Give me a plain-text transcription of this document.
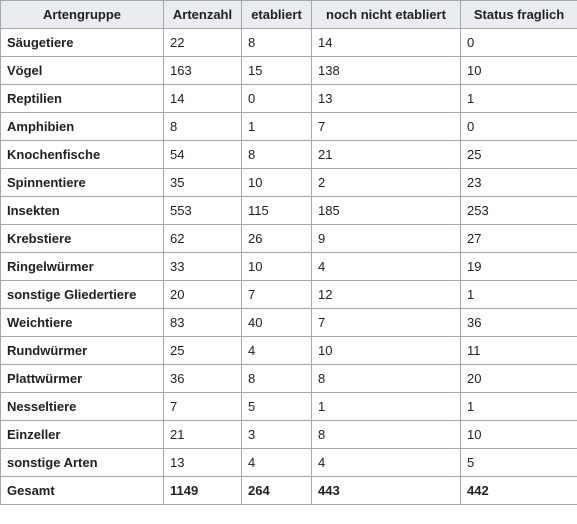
Artengruppe	Artenzahl	etabliert	noch nicht etabliert	Status fraglich
Säugetiere	22	8	14	0
Vögel	163	15	138	10
Reptilien	14	0	13	1
Amphibien	8	1	7	0
Knochenfische	54	8	21	25
Spinnentiere	35	10	2	23
Insekten	553	115	185	253
Krebstiere	62	26	9	27
Ringelwürmer	33	10	4	19
sonstige Gliedertiere	20	7	12	1
Weichtiere	83	40	7	36
Rundwürmer	25	4	10	11
Plattwürmer	36	8	8	20
Nesseltiere	7	5	1	1
Einzeller	21	3	8	10
sonstige Arten	13	4	4	5
Gesamt	1149	264	443	442
